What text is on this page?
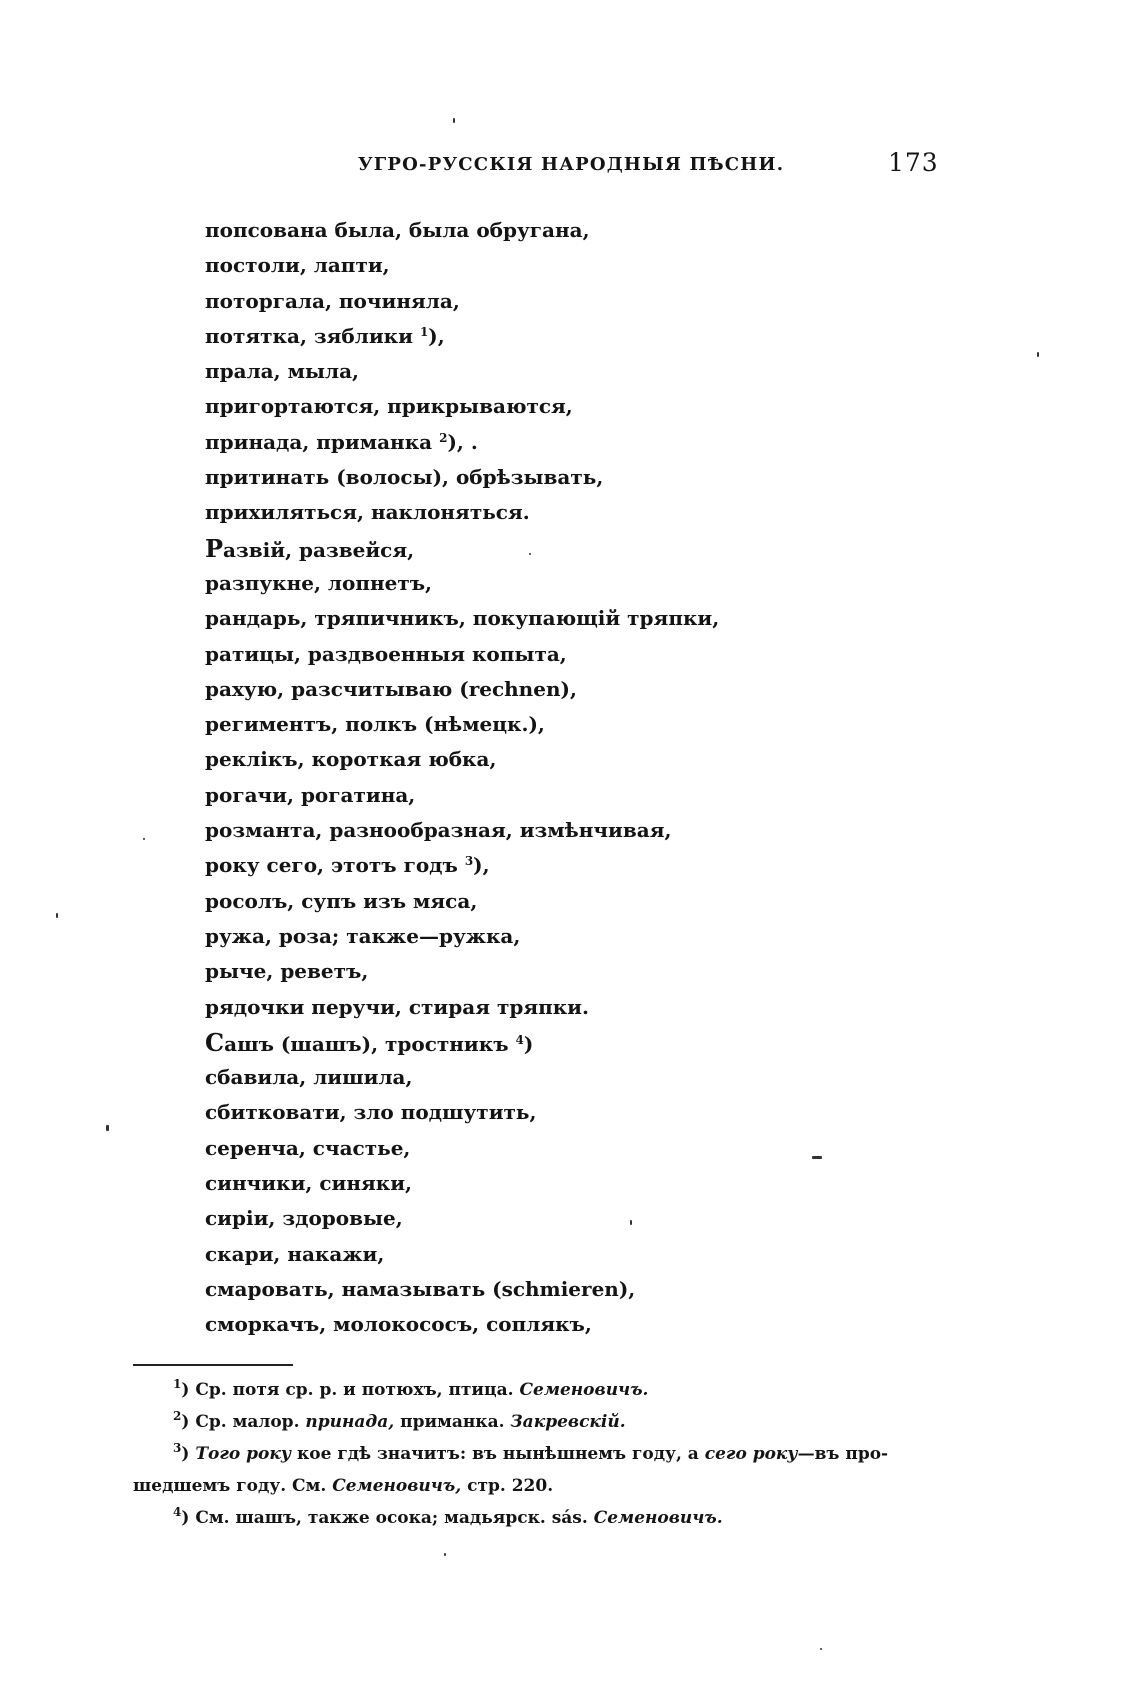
УГРО-РУССКІЯ НАРОДНЫЯ ПѢСНИ.	173
попсована была, была обругана,
постоли, лапти,
поторгала, починяла,
потятка, зяблики $^1$),
прала, мыла,
пригортаются, прикрываются,
принада, приманка $^2$), .
притинать (волосы), обрѣзывать,
прихиляться, наклоняться.
Развій, развейся,
разпукне, лопнетъ,
рандарь, тряпичникъ, покупающій тряпки,
ратицы, раздвоенныя копыта,
рахую, разсчитываю (rechnen),
региментъ, полкъ (нѣмецк.),
реклікъ, короткая юбка,
рогачи, рогатина,
розманта, разнообразная, измѣнчивая,
року сего, этотъ годъ $^3$),
росолъ, супъ изъ мяса,
ружа, роза; также—ружка,
рыче, реветъ,
рядочки перучи, стирая тряпки.
Сашъ (шашъ), тростникъ $^4$)
сбавила, лишила,
сбитковати, зло подшутить,
серенча, счастье,
синчики, синяки,
сирiи, здоровые,
скари, накажи,
смаровать, намазывать (schmieren),
сморкачъ, молокососъ, соплякъ,
$^1$) Ср. потя ср. р. и потюхъ, птица. Семеновичъ.
$^2$) Ср. малор. принада, приманка. Закревскій.
$^3$) Того року кое гдѣ значитъ: въ нынѣшнемъ году, а сего року—въ про-
шедшемъ году. См. Семеновичъ, стр. 220.
$^4$) См. шашъ, также осока; мадьярск. sás. Семеновичъ.
